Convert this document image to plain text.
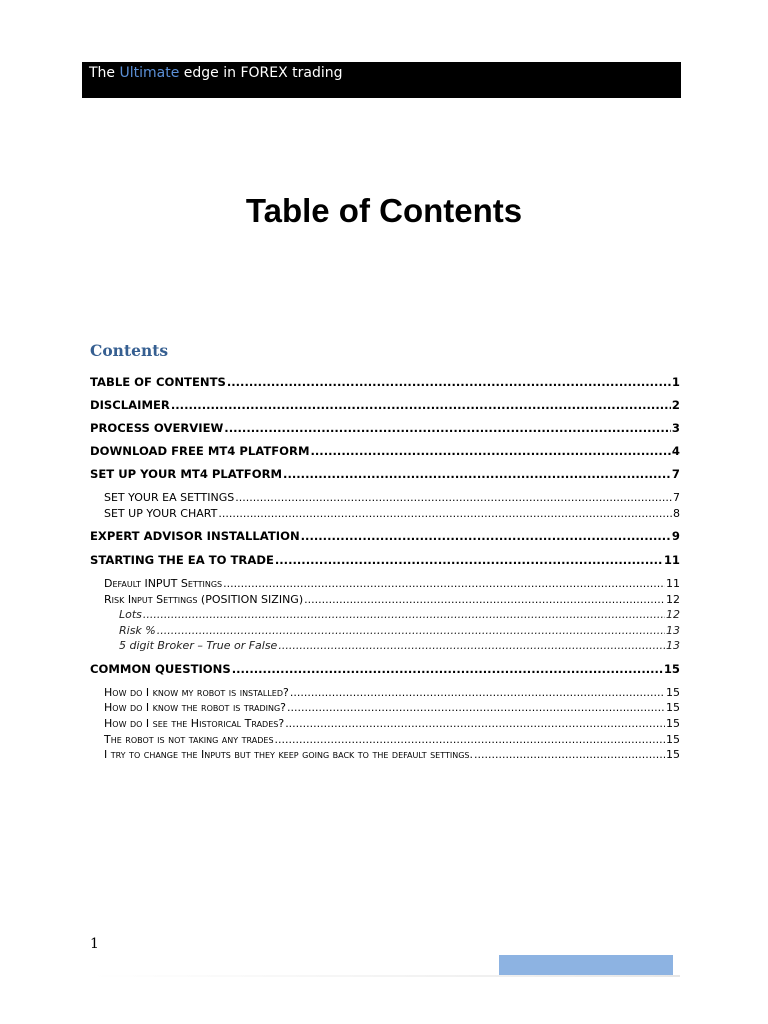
The Ultimate edge in FOREX trading
Table of Contents
Contents
TABLE OF CONTENTS .....	1
DISCLAIMER .....	2
PROCESS OVERVIEW .....	3
DOWNLOAD FREE MT4 PLATFORM .....	4
SET UP YOUR MT4 PLATFORM .....	7
SET YOUR EA SETTINGS .....	7
SET UP YOUR CHART .....	8
EXPERT ADVISOR INSTALLATION .....	9
STARTING THE EA TO TRADE .....	11
Default INPUT Settings .....	11
Risk Input Settings (POSITION SIZING) .....	12
Lots .....	12
Risk % .....	13
5 digit Broker – True or False .....	13
COMMON QUESTIONS .....	15
How do I know my robot is installed? .....	15
How do I know the robot is trading? .....	15
How do I see the Historical Trades? .....	15
The robot is not taking any trades .....	15
I try to change the Inputs but they keep going back to the default settings. .....	15
1
